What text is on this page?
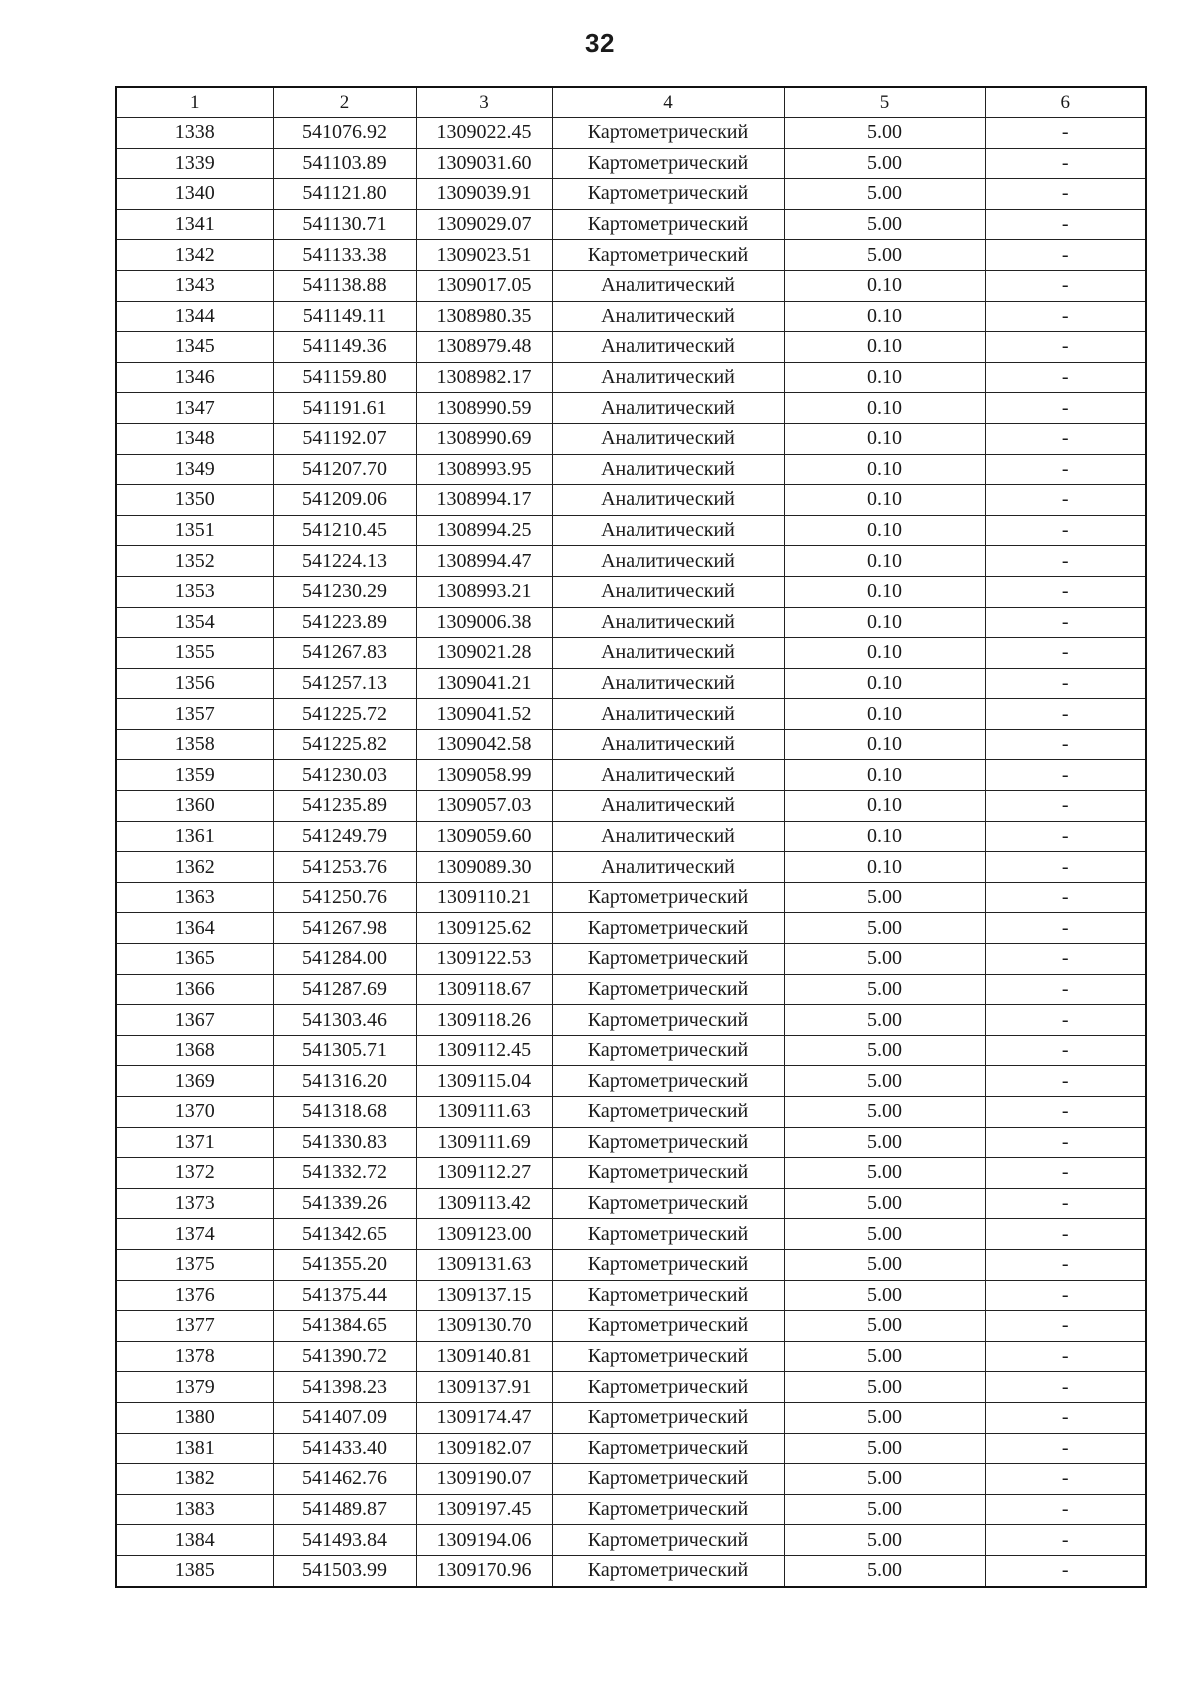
32
1	2	3	4	5	6
1338	541076.92	1309022.45	Картометрический	5.00	-
1339	541103.89	1309031.60	Картометрический	5.00	-
1340	541121.80	1309039.91	Картометрический	5.00	-
1341	541130.71	1309029.07	Картометрический	5.00	-
1342	541133.38	1309023.51	Картометрический	5.00	-
1343	541138.88	1309017.05	Аналитический	0.10	-
1344	541149.11	1308980.35	Аналитический	0.10	-
1345	541149.36	1308979.48	Аналитический	0.10	-
1346	541159.80	1308982.17	Аналитический	0.10	-
1347	541191.61	1308990.59	Аналитический	0.10	-
1348	541192.07	1308990.69	Аналитический	0.10	-
1349	541207.70	1308993.95	Аналитический	0.10	-
1350	541209.06	1308994.17	Аналитический	0.10	-
1351	541210.45	1308994.25	Аналитический	0.10	-
1352	541224.13	1308994.47	Аналитический	0.10	-
1353	541230.29	1308993.21	Аналитический	0.10	-
1354	541223.89	1309006.38	Аналитический	0.10	-
1355	541267.83	1309021.28	Аналитический	0.10	-
1356	541257.13	1309041.21	Аналитический	0.10	-
1357	541225.72	1309041.52	Аналитический	0.10	-
1358	541225.82	1309042.58	Аналитический	0.10	-
1359	541230.03	1309058.99	Аналитический	0.10	-
1360	541235.89	1309057.03	Аналитический	0.10	-
1361	541249.79	1309059.60	Аналитический	0.10	-
1362	541253.76	1309089.30	Аналитический	0.10	-
1363	541250.76	1309110.21	Картометрический	5.00	-
1364	541267.98	1309125.62	Картометрический	5.00	-
1365	541284.00	1309122.53	Картометрический	5.00	-
1366	541287.69	1309118.67	Картометрический	5.00	-
1367	541303.46	1309118.26	Картометрический	5.00	-
1368	541305.71	1309112.45	Картометрический	5.00	-
1369	541316.20	1309115.04	Картометрический	5.00	-
1370	541318.68	1309111.63	Картометрический	5.00	-
1371	541330.83	1309111.69	Картометрический	5.00	-
1372	541332.72	1309112.27	Картометрический	5.00	-
1373	541339.26	1309113.42	Картометрический	5.00	-
1374	541342.65	1309123.00	Картометрический	5.00	-
1375	541355.20	1309131.63	Картометрический	5.00	-
1376	541375.44	1309137.15	Картометрический	5.00	-
1377	541384.65	1309130.70	Картометрический	5.00	-
1378	541390.72	1309140.81	Картометрический	5.00	-
1379	541398.23	1309137.91	Картометрический	5.00	-
1380	541407.09	1309174.47	Картометрический	5.00	-
1381	541433.40	1309182.07	Картометрический	5.00	-
1382	541462.76	1309190.07	Картометрический	5.00	-
1383	541489.87	1309197.45	Картометрический	5.00	-
1384	541493.84	1309194.06	Картометрический	5.00	-
1385	541503.99	1309170.96	Картометрический	5.00	-
